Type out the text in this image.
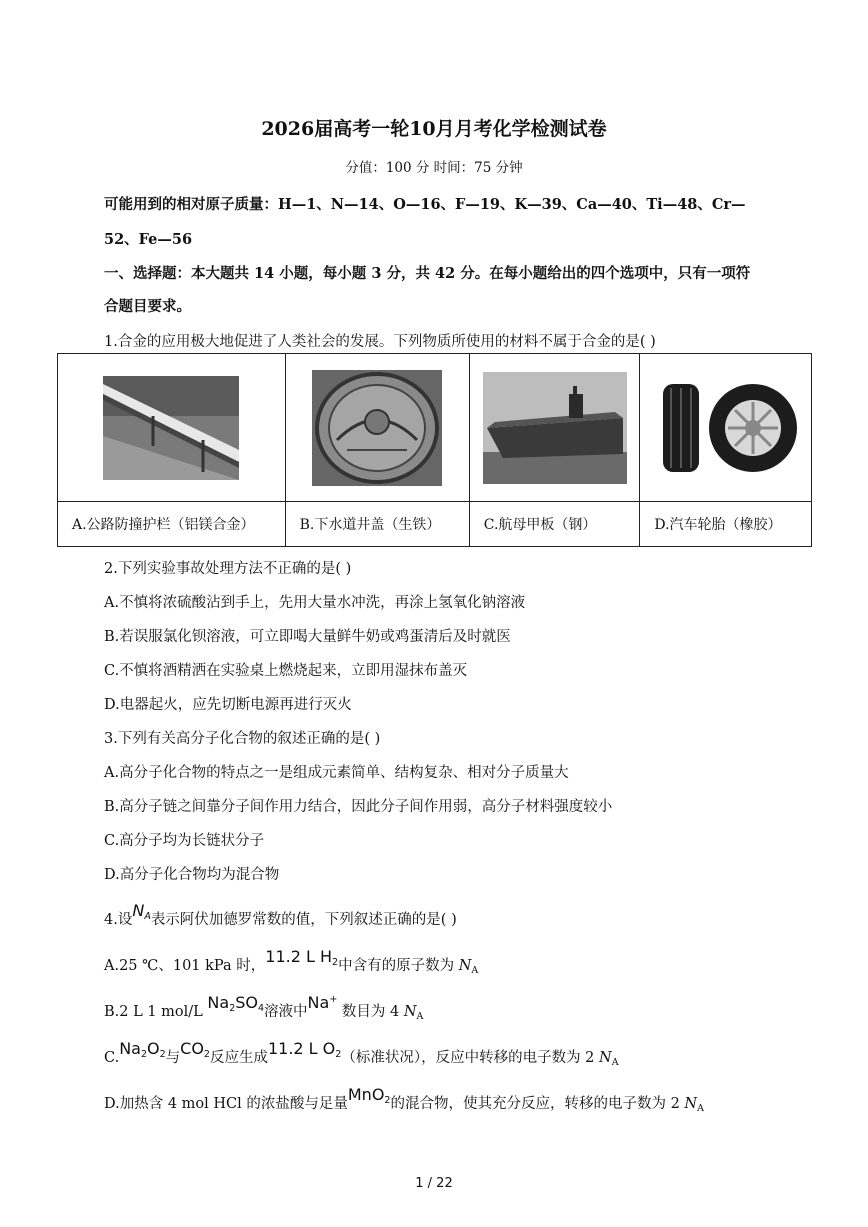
2026届高考一轮10月月考化学检测试卷
分值：100 分 时间：75 分钟
可能用到的相对原子质量：H—1、N—14、O—16、F—19、K—39、Ca—40、Ti—48、Cr—
52、Fe—56
一、选择题：本大题共 14 小题，每小题 3 分，共 42 分。在每小题给出的四个选项中，只有一项符
合题目要求。
1.合金的应用极大地促进了人类社会的发展。下列物质所使用的材料不属于合金的是( )

A.公路防撞护栏（铝镁合金）	B.下水道井盖（生铁）	C.航母甲板（钢）	D.汽车轮胎（橡胶）
2.下列实验事故处理方法不正确的是( )
A.不慎将浓硫酸沾到手上，先用大量水冲洗，再涂上氢氧化钠溶液
B.若误服氯化钡溶液，可立即喝大量鲜牛奶或鸡蛋清后及时就医
C.不慎将酒精洒在实验桌上燃烧起来，立即用湿抹布盖灭
D.电器起火，应先切断电源再进行灭火
3.下列有关高分子化合物的叙述正确的是( )
A.高分子化合物的特点之一是组成元素简单、结构复杂、相对分子质量大
B.高分子链之间靠分子间作用力结合，因此分子间作用弱，高分子材料强度较小
C.高分子均为长链状分子
D.高分子化合物均为混合物
4.设$N_A$表示阿伏加德罗常数的值，下列叙述正确的是( )
A.25 ℃、101 kPa 时，11.2 L $H_2$中含有的原子数为 $N_A$
B.2 L 1 mol/L $Na_2SO_4$溶液中Na+ 数目为 4 $N_A$
$C.Na_2O_2$与$CO_2$反应生成11.2 L $O_2$（标准状况），反应中转移的电子数为 2 $N_A$
D.加热含 4 mol HCl 的浓盐酸与足量MnO$_2$的混合物，使其充分反应，转移的电子数为 2 $N_A$
1 / 22
